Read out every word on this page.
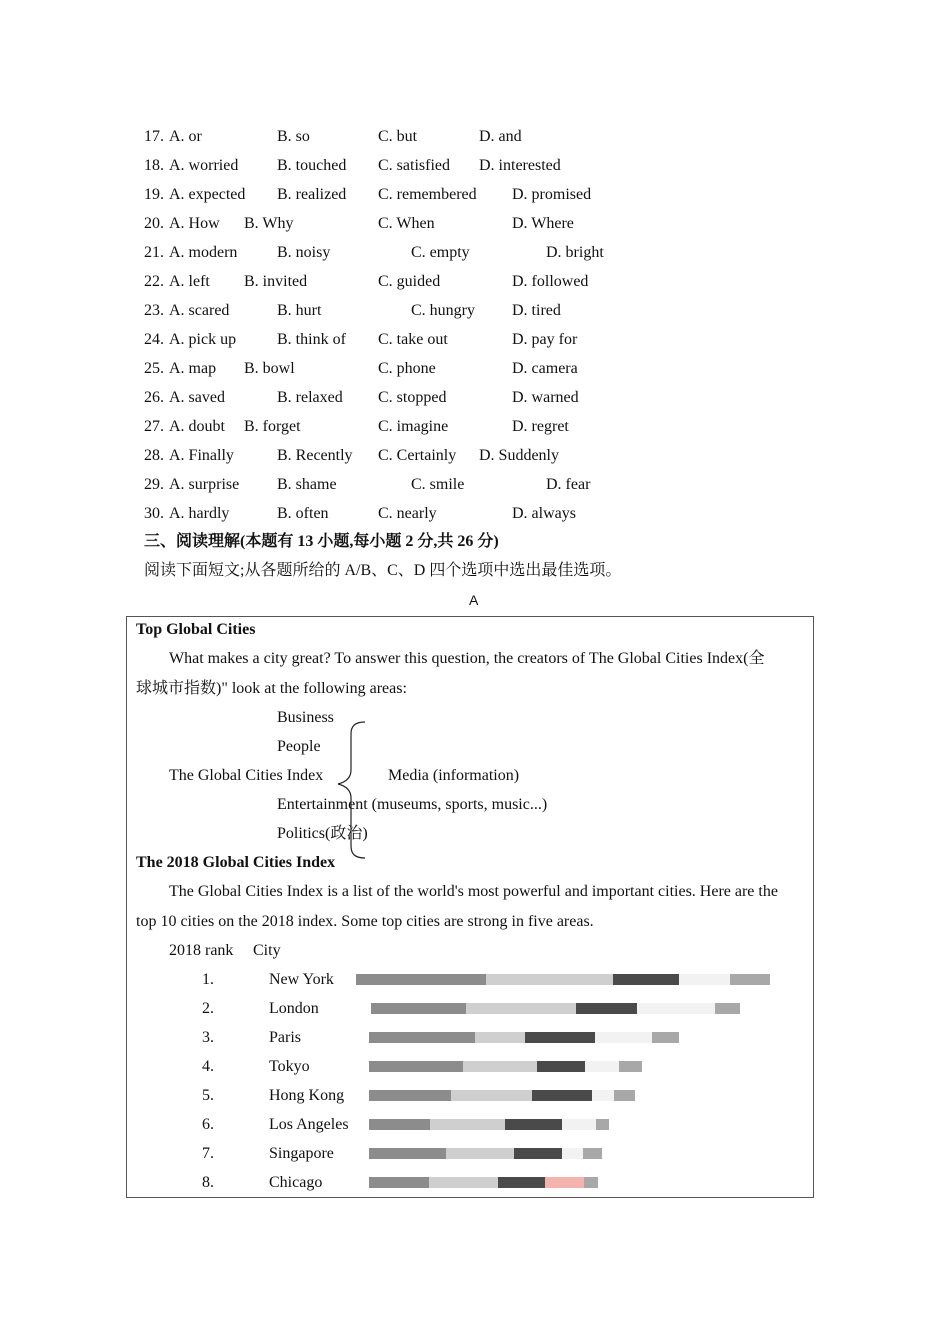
17. A. or	B. so	C. but	D. and
18. A. worried B. touched C. satisfied D. interested
19. A. expected B. realized C. remembered D. promised
20. A. How B. Why	C. When	D. Where
21. A. modern B. noisy	C. empty	D. bright
22. A. left B. invited	C. guided	D. followed
23. A. scared	B. hurt	C. hungry D. tired
24. A. pick up	B. think of C. take out	D. pay for
25. A. map B. bowl	C. phone	D. camera
26. A. saved	B. relaxed C. stopped	D. warned
27. A. doubt B. forget	C. imagine	D. regret
28. A. Finally	B. Recently C. Certainly D. Suddenly
29. A. surprise B. shame	C. smile	D. fear
30. A. hardly	B. often	C. nearly	D. always
三、阅读理解(本题有 13 小题,每小题 2 分,共 26 分)
阅读下面短文;从各题所给的 A/B、C、D 四个选项中选出最佳选项。
A
Top Global Cities
What makes a city great? To answer this question, the creators of The Global Cities Index(全
球城市指数)" look at the following areas:
Business
People
The Global Cities Index	Media (information)
Entertainment (museums, sports, music...)
Politics(政治)
The 2018 Global Cities Index
The Global Cities Index is a list of the world's most powerful and important cities. Here are the
top 10 cities on the 2018 index. Some top cities are strong in five areas.
2018 rank City
1.	New York
2.	London
3.	Paris
4.	Tokyo
5.	Hong Kong
6.	Los Angeles
7.	Singapore
8.	Chicago
